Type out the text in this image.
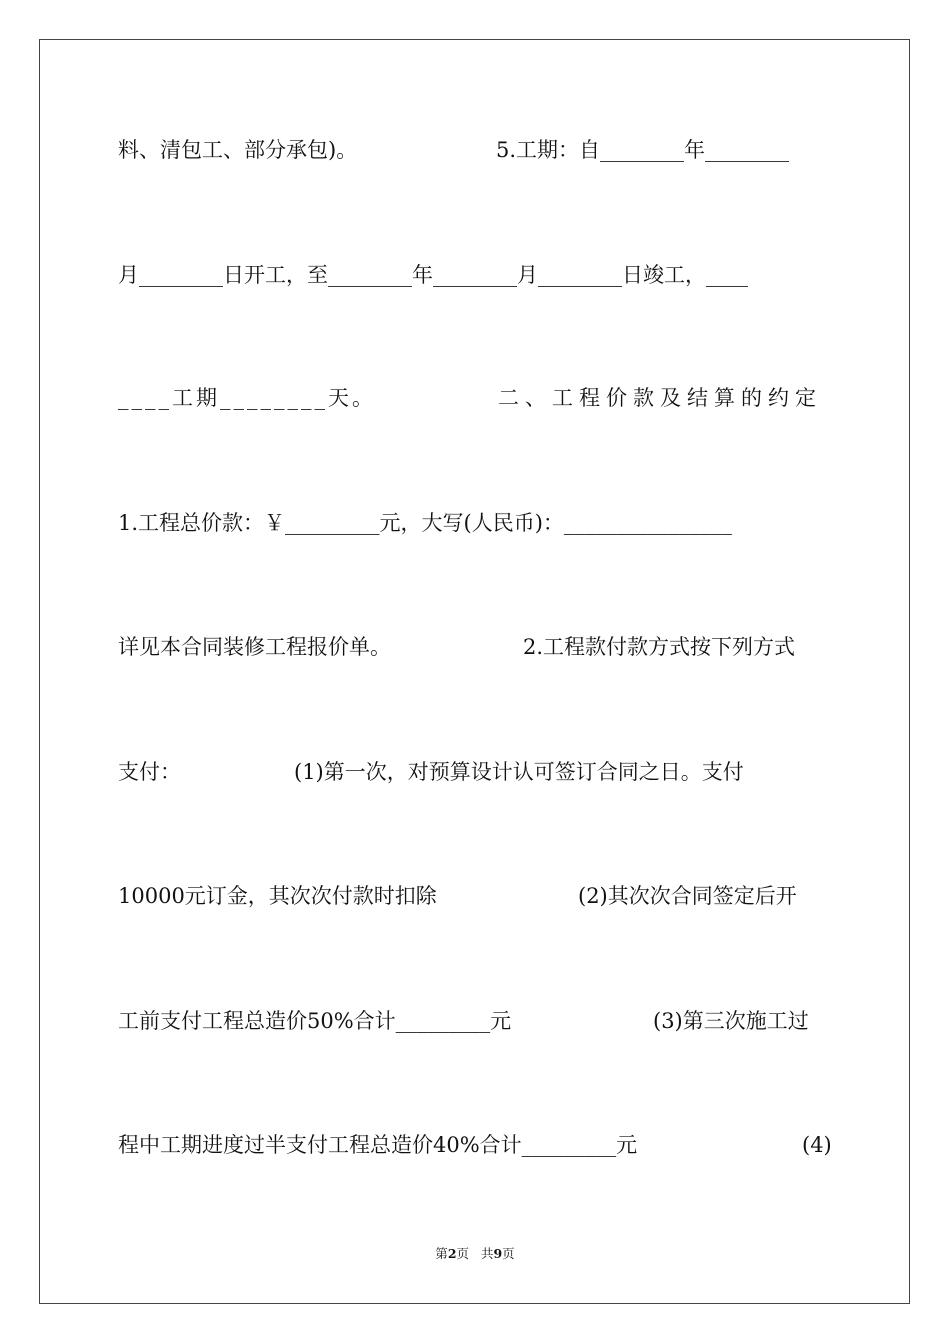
料、清包工、部分承包)。

	5.工期：自________年________

月________日开工，至________年________月________日竣工，____

____工期________天。

	二、工程价款及结算的约定

1.工程总价款：￥_________元，大写(人民币)：________________

详见本合同装修工程报价单。

	2.工程款付款方式按下列方式

支付：

	(1)第一次，对预算设计认可签订合同之日。支付

10000元订金，其次次付款时扣除

	(2)其次次合同签定后开

工前支付工程总造价50%合计_________元

	(3)第三次施工过

程中工期进度过半支付工程总造价40%合计_________元

	(4)

第2页 共9页
